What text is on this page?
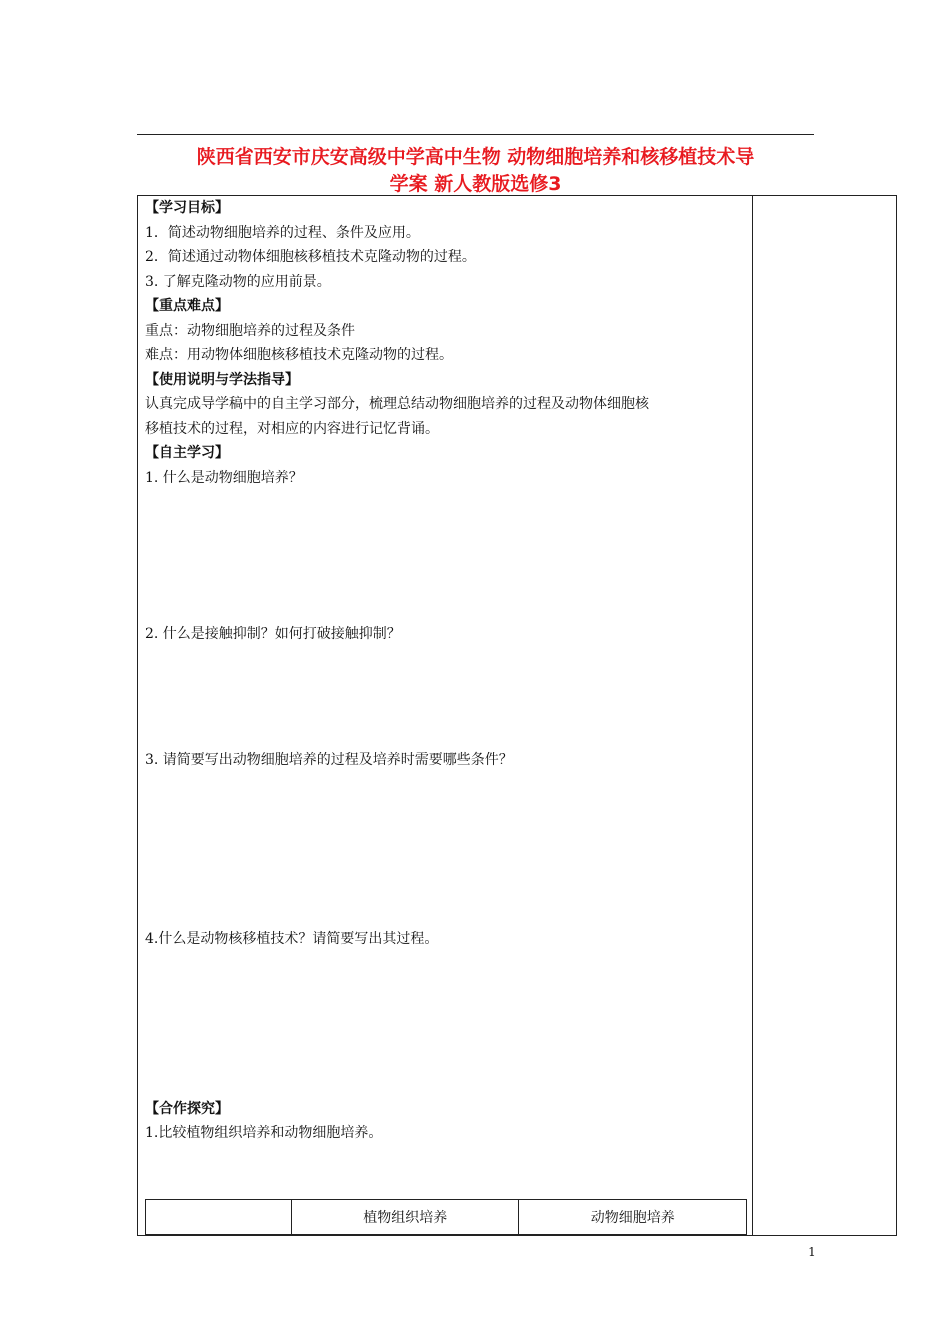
陕西省西安市庆安高级中学高中生物 动物细胞培养和核移植技术导
学案 新人教版选修3
【学习目标】
1．简述动物细胞培养的过程、条件及应用。
2．简述通过动物体细胞核移植技术克隆动物的过程。
3. 了解克隆动物的应用前景。
【重点难点】
重点：动物细胞培养的过程及条件
难点：用动物体细胞核移植技术克隆动物的过程。
【使用说明与学法指导】
认真完成导学稿中的自主学习部分，梳理总结动物细胞培养的过程及动物体细胞核
移植技术的过程，对相应的内容进行记忆背诵。
【自主学习】
1. 什么是动物细胞培养？
2. 什么是接触抑制？如何打破接触抑制？
3. 请简要写出动物细胞培养的过程及培养时需要哪些条件？
4.什么是动物核移植技术？请简要写出其过程。
【合作探究】
1.比较植物组织培养和动物细胞培养。
	植物组织培养	动物细胞培养
1
